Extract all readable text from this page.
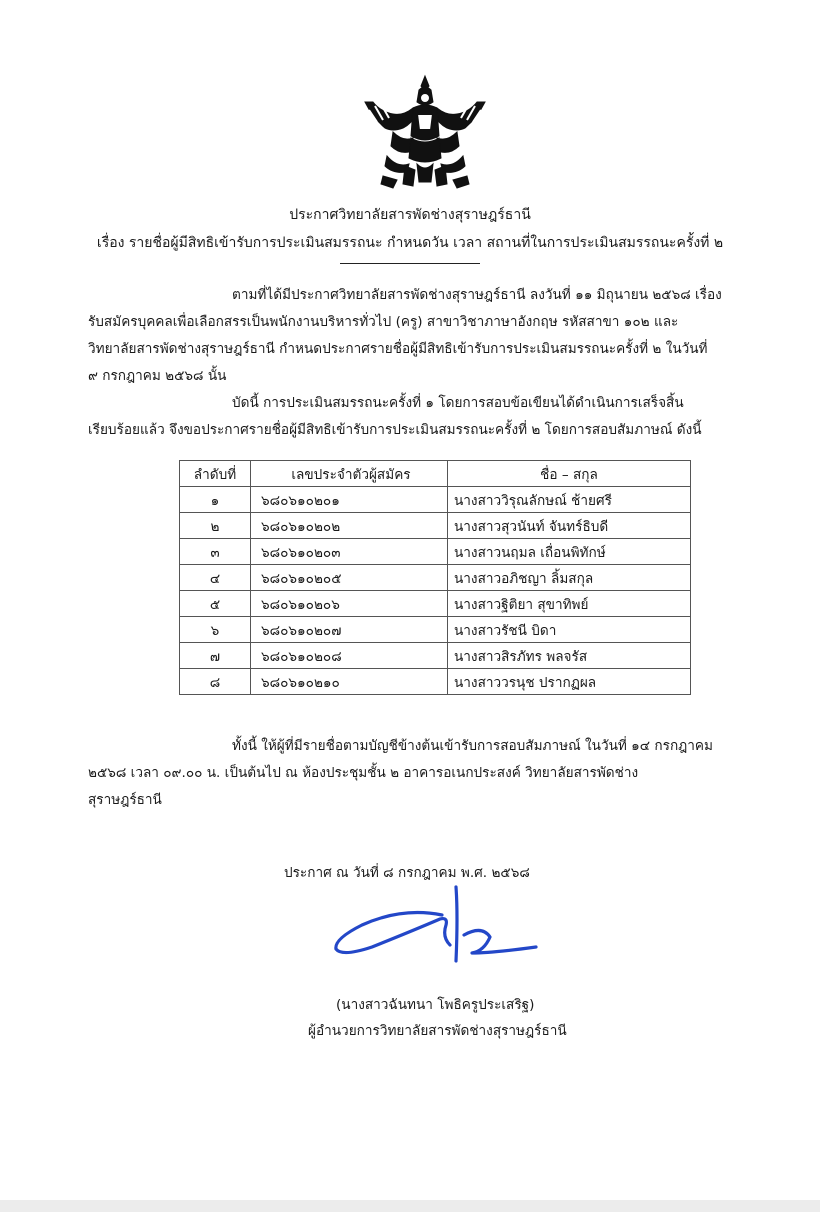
ประกาศวิทยาลัยสารพัดช่างสุราษฎร์ธานี
เรื่อง รายชื่อผู้มีสิทธิเข้ารับการประเมินสมรรถนะ กำหนดวัน เวลา สถานที่ในการประเมินสมรรถนะครั้งที่ ๒
ตามที่ได้มีประกาศวิทยาลัยสารพัดช่างสุราษฎร์ธานี ลงวันที่ ๑๑ มิถุนายน ๒๕๖๘ เรื่อง
รับสมัครบุคคลเพื่อเลือกสรรเป็นพนักงานบริหารทั่วไป (ครู) สาขาวิชาภาษาอังกฤษ รหัสสาขา ๑๐๒ และ
วิทยาลัยสารพัดช่างสุราษฎร์ธานี กำหนดประกาศรายชื่อผู้มีสิทธิเข้ารับการประเมินสมรรถนะครั้งที่ ๒ ในวันที่
๙ กรกฎาคม ๒๕๖๘ นั้น
บัดนี้ การประเมินสมรรถนะครั้งที่ ๑ โดยการสอบข้อเขียนได้ดำเนินการเสร็จสิ้น
เรียบร้อยแล้ว จึงขอประกาศรายชื่อผู้มีสิทธิเข้ารับการประเมินสมรรถนะครั้งที่ ๒ โดยการสอบสัมภาษณ์ ดังนี้
ลำดับที่	เลขประจำตัวผู้สมัคร	ชื่อ – สกุล
๑	๖๘๐๖๑๐๒๐๑	นางสาววิรุณลักษณ์ ช้ายศรี
๒	๖๘๐๖๑๐๒๐๒	นางสาวสุวนันท์ จันทร์ธิบดี
๓	๖๘๐๖๑๐๒๐๓	นางสาวนฤมล เถื่อนพิทักษ์
๔	๖๘๐๖๑๐๒๐๕	นางสาวอภิชญา ลิ้มสกุล
๕	๖๘๐๖๑๐๒๐๖	นางสาวฐิติยา สุขาทิพย์
๖	๖๘๐๖๑๐๒๐๗	นางสาวรัชนี บิดา
๗	๖๘๐๖๑๐๒๐๘	นางสาวสิรภัทร พลจรัส
๘	๖๘๐๖๑๐๒๑๐	นางสาววรนุช ปรากฏผล
ทั้งนี้ ให้ผู้ที่มีรายชื่อตามบัญชีข้างต้นเข้ารับการสอบสัมภาษณ์ ในวันที่ ๑๔ กรกฎาคม
๒๕๖๘ เวลา ๐๙.๐๐ น. เป็นต้นไป ณ ห้องประชุมชั้น ๒ อาคารอเนกประสงค์ วิทยาลัยสารพัดช่าง
สุราษฎร์ธานี
ประกาศ ณ วันที่ ๘ กรกฎาคม พ.ศ. ๒๕๖๘
(นางสาวฉันทนา โพธิครูประเสริฐ)
ผู้อำนวยการวิทยาลัยสารพัดช่างสุราษฎร์ธานี
